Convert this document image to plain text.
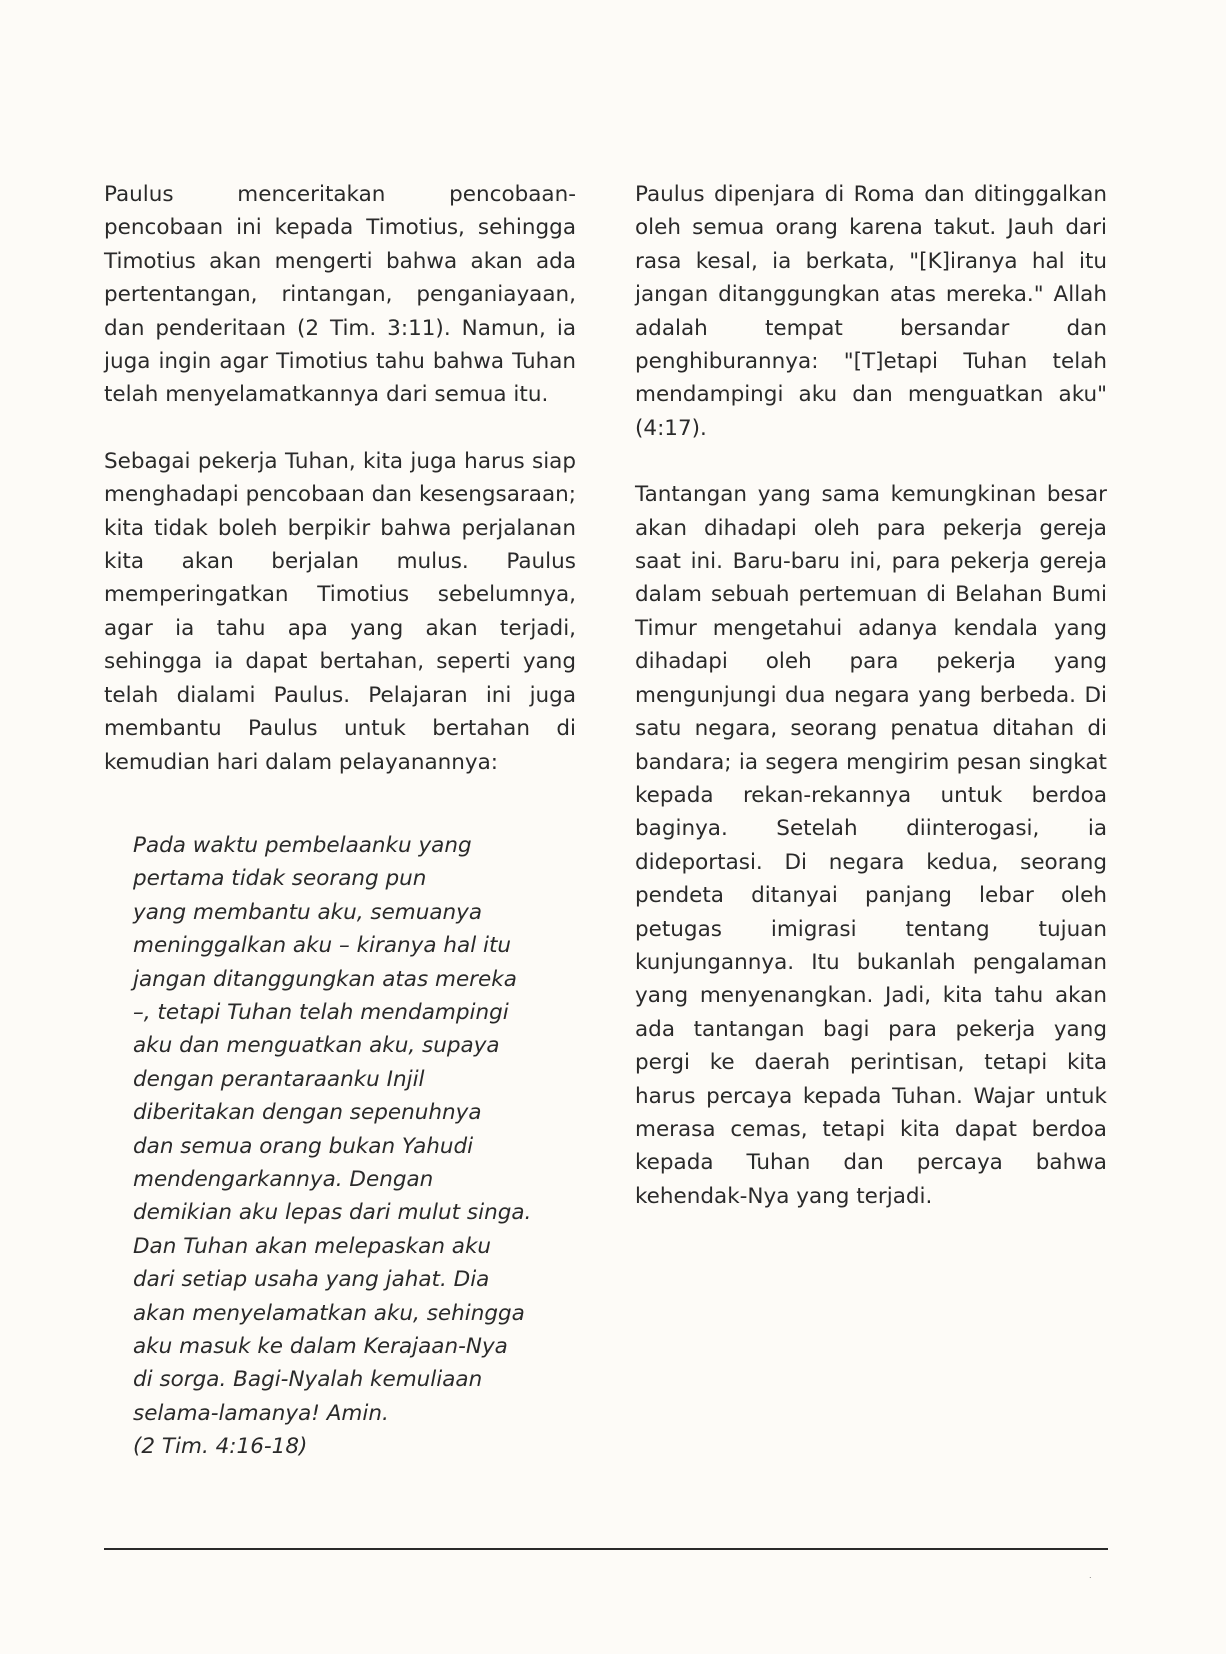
Paulus menceritakan pencobaan-pencobaan ini kepada Timotius, sehingga Timotius akan mengerti bahwa akan ada pertentangan, rintangan, penganiayaan, dan penderitaan (2 Tim. 3:11). Namun, ia juga ingin agar Timotius tahu bahwa Tuhan telah menyelamatkannya dari semua itu.

Sebagai pekerja Tuhan, kita juga harus siap menghadapi pencobaan dan kesengsaraan; kita tidak boleh berpikir bahwa perjalanan kita akan berjalan mulus. Paulus memperingatkan Timotius sebelumnya, agar ia tahu apa yang akan terjadi, sehingga ia dapat bertahan, seperti yang telah dialami Paulus. Pelajaran ini juga membantu Paulus untuk bertahan di kemudian hari dalam pelayanannya:

Pada waktu pembelaanku yang
pertama tidak seorang pun
yang membantu aku, semuanya
meninggalkan aku – kiranya hal itu
jangan ditanggungkan atas mereka
–, tetapi Tuhan telah mendampingi
aku dan menguatkan aku, supaya
dengan perantaraanku Injil
diberitakan dengan sepenuhnya
dan semua orang bukan Yahudi
mendengarkannya. Dengan
demikian aku lepas dari mulut singa.
Dan Tuhan akan melepaskan aku
dari setiap usaha yang jahat. Dia
akan menyelamatkan aku, sehingga
aku masuk ke dalam Kerajaan-Nya
di sorga. Bagi-Nyalah kemuliaan
selama-lamanya! Amin.

(2 Tim. 4:16-18)

Paulus dipenjara di Roma dan ditinggalkan oleh semua orang karena takut. Jauh dari rasa kesal, ia berkata, "[K]iranya hal itu jangan ditanggungkan atas mereka." Allah adalah tempat bersandar dan penghiburannya: "[T]etapi Tuhan telah mendampingi aku dan menguatkan aku" (4:17).

Tantangan yang sama kemungkinan besar akan dihadapi oleh para pekerja gereja saat ini. Baru-baru ini, para pekerja gereja dalam sebuah pertemuan di Belahan Bumi Timur mengetahui adanya kendala yang dihadapi oleh para pekerja yang mengunjungi dua negara yang berbeda. Di satu negara, seorang penatua ditahan di bandara; ia segera mengirim pesan singkat kepada rekan-rekannya untuk berdoa baginya. Setelah diinterogasi, ia dideportasi. Di negara kedua, seorang pendeta ditanyai panjang lebar oleh petugas imigrasi tentang tujuan kunjungannya. Itu bukanlah pengalaman yang menyenangkan. Jadi, kita tahu akan ada tantangan bagi para pekerja yang pergi ke daerah perintisan, tetapi kita harus percaya kepada Tuhan. Wajar untuk merasa cemas, tetapi kita dapat berdoa kepada Tuhan dan percaya bahwa kehendak-Nya yang terjadi.

.
